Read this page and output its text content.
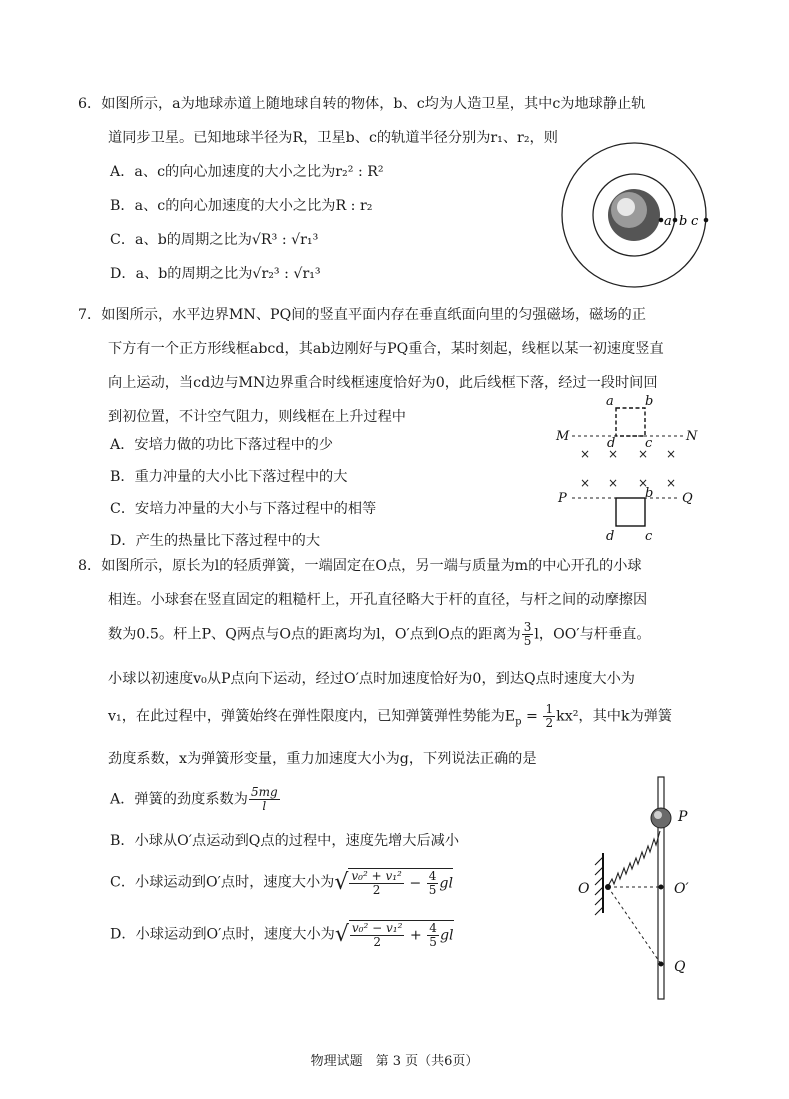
6．如图所示，a为地球赤道上随地球自转的物体，b、c均为人造卫星，其中c为地球静止轨
道同步卫星。已知地球半径为R，卫星b、c的轨道半径分别为r₁、r₂，则
A．a、c的向心加速度的大小之比为r₂² : R²
B．a、c的向心加速度的大小之比为R : r₂
C．a、b的周期之比为√R³ : √r₁³
D．a、b的周期之比为√r₂³ : √r₁³
a b c
7．如图所示，水平边界MN、PQ间的竖直平面内存在垂直纸面向里的匀强磁场，磁场的正
下方有一个正方形线框abcd，其ab边刚好与PQ重合，某时刻起，线框以某一初速度竖直
向上运动，当cd边与MN边界重合时线框速度恰好为0，此后线框下落，经过一段时间回
到初位置，不计空气阻力，则线框在上升过程中
A．安培力做的功比下落过程中的少
B．重力冲量的大小比下落过程中的大
C．安培力冲量的大小与下落过程中的相等
D．产生的热量比下落过程中的大
a b
M	N
d c
P	Q
b
d c
× × × ×
× × × ×
8．如图所示，原长为l的轻质弹簧，一端固定在O点，另一端与质量为m的中心开孔的小球
相连。小球套在竖直固定的粗糙杆上，开孔直径略大于杆的直径，与杆之间的动摩擦因
数为0.5。杆上P、Q两点与O点的距离均为l，O′点到O点的距离为 $\frac{3}{5}$ l，OO′与杆垂直。
小球以初速度v₀从P点向下运动，经过O′点时加速度恰好为0，到达Q点时速度大小为
v₁，在此过程中，弹簧始终在弹性限度内，已知弹簧弹性势能为$E_p = \frac{1}{2} kx^2$，其中k为弹簧
劲度系数，x为弹簧形变量，重力加速度大小为g，下列说法正确的是
A．弹簧的劲度系数为 $\frac{5mg}{l}$
B．小球从O′点运动到Q点的过程中，速度先增大后减小
C．小球运动到O′点时，速度大小为√ $\frac{\text{v₀² + v₁²}}{2} - \frac{4}{5}$ gl
D．小球运动到O′点时，速度大小为√ $\frac{\text{v₀² − v₁²}}{2} + \frac{4}{5}$ gl
P
O	O′
Q
物理试题　第 3 页（共6页）
